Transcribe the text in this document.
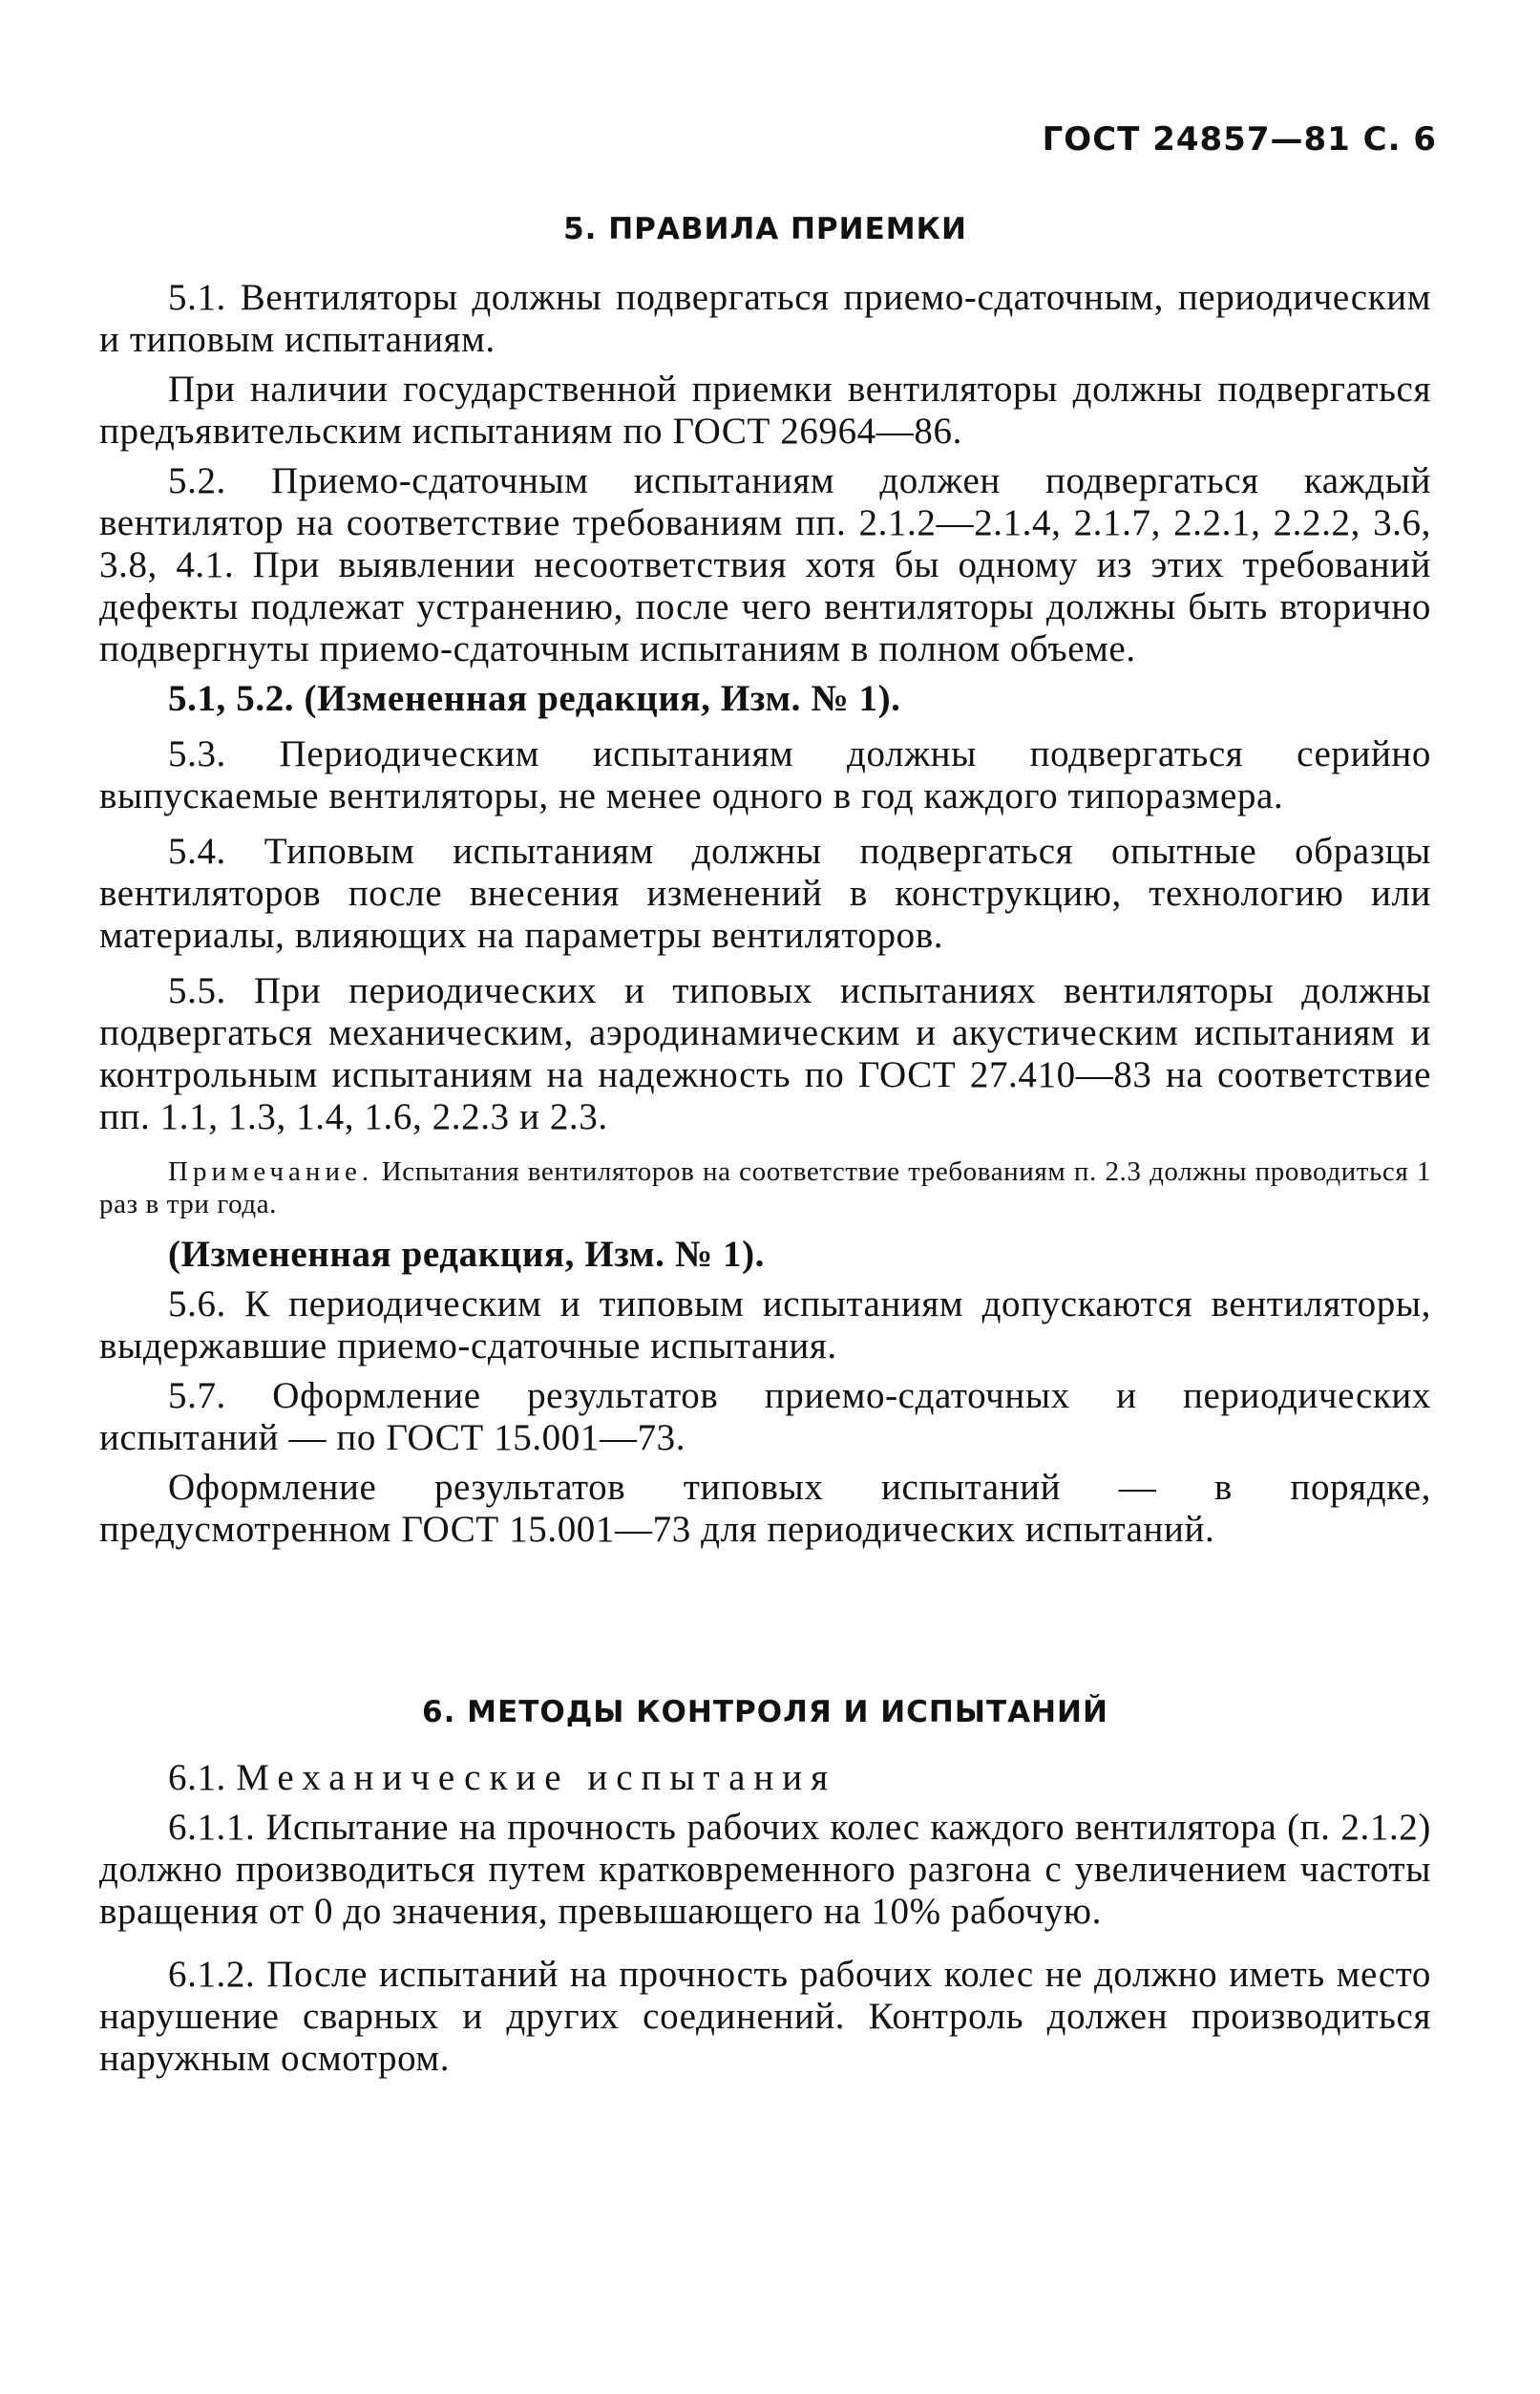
ГОСТ 24857—81 С. 6
5. ПРАВИЛА ПРИЕМКИ

5.1. Вентиляторы должны подвергаться приемо-сдаточным, периодическим и типовым испытаниям.

При наличии государственной приемки вентиляторы должны подвергаться предъявительским испытаниям по ГОСТ 26964—86.

5.2. Приемо-сдаточным испытаниям должен подвергаться каждый вентилятор на соответствие требованиям пп. 2.1.2—2.1.4, 2.1.7, 2.2.1, 2.2.2, 3.6, 3.8, 4.1. При выявлении несоответствия хотя бы одному из этих требований дефекты подлежат устранению, после чего вентиляторы должны быть вторично подвергнуты приемо-сдаточным испытаниям в полном объеме.

5.1, 5.2. (Измененная редакция, Изм. № 1).

5.3. Периодическим испытаниям должны подвергаться серийно выпускаемые вентиляторы, не менее одного в год каждого типоразмера.

5.4. Типовым испытаниям должны подвергаться опытные образцы вентиляторов после внесения изменений в конструкцию, технологию или материалы, влияющих на параметры вентиляторов.

5.5. При периодических и типовых испытаниях вентиляторы должны подвергаться механическим, аэродинамическим и акустическим испытаниям и контрольным испытаниям на надежность по ГОСТ 27.410—83 на соответствие пп. 1.1, 1.3, 1.4, 1.6, 2.2.3 и 2.3.

Примечание. Испытания вентиляторов на соответствие требованиям п. 2.3 должны проводиться 1 раз в три года.

(Измененная редакция, Изм. № 1).

5.6. К периодическим и типовым испытаниям допускаются вентиляторы, выдержавшие приемо-сдаточные испытания.

5.7. Оформление результатов приемо-сдаточных и периодических испытаний — по ГОСТ 15.001—73.

Оформление результатов типовых испытаний — в порядке, предусмотренном ГОСТ 15.001—73 для периодических испытаний.

6. МЕТОДЫ КОНТРОЛЯ И ИСПЫТАНИЙ

6.1. Механические испытания

6.1.1. Испытание на прочность рабочих колес каждого вентилятора (п. 2.1.2) должно производиться путем кратковременного разгона с увеличением частоты вращения от 0 до значения, превышающего на 10% рабочую.

6.1.2. После испытаний на прочность рабочих колес не должно иметь место нарушение сварных и других соединений. Контроль должен производиться наружным осмотром.
